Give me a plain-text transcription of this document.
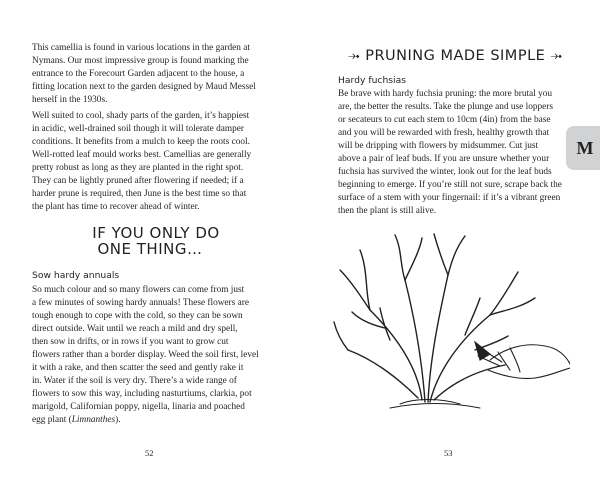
This camellia is found in various locations in the garden at
Nymans. Our most impressive group is found marking the
entrance to the Forecourt Garden adjacent to the house, a
fitting location next to the garden designed by Maud Messel
herself in the 1930s.

Well suited to cool, shady parts of the garden, it’s happiest
in acidic, well-drained soil though it will tolerate damper
conditions. It benefits from a mulch to keep the roots cool.
Well-rotted leaf mould works best. Camellias are generally
pretty robust as long as they are planted in the right spot.
They can be lightly pruned after flowering if needed; if a
harder prune is required, then June is the best time so that
the plant has time to recover ahead of winter.

IF YOU ONLY DO
ONE THING…
Sow hardy annuals

So much colour and so many flowers can come from just
a few minutes of sowing hardy annuals! These flowers are
tough enough to cope with the cold, so they can be sown
direct outside. Wait until we reach a mild and dry spell,
then sow in drifts, or in rows if you want to grow cut
flowers rather than a border display. Weed the soil first, level
it with a rake, and then scatter the seed and gently rake it
in. Water if the soil is very dry. There’s a wide range of
flowers to sow this way, including nasturtiums, clarkia, pot
marigold, Californian poppy, nigella, linaria and poached
egg plant (Limnanthes).

52
⤞ PRUNING MADE SIMPLE ⤞
Hardy fuchsias

Be brave with hardy fuchsia pruning: the more brutal you
are, the better the results. Take the plunge and use loppers
or secateurs to cut each stem to 10cm (4in) from the base
and you will be rewarded with fresh, healthy growth that
will be dripping with flowers by midsummer. Cut just
above a pair of leaf buds. If you are unsure whether your
fuchsia has survived the winter, look out for the leaf buds
beginning to emerge. If you’re still not sure, scrape back the
surface of a stem with your fingernail: if it’s a vibrant green
then the plant is still alive.

53
M
